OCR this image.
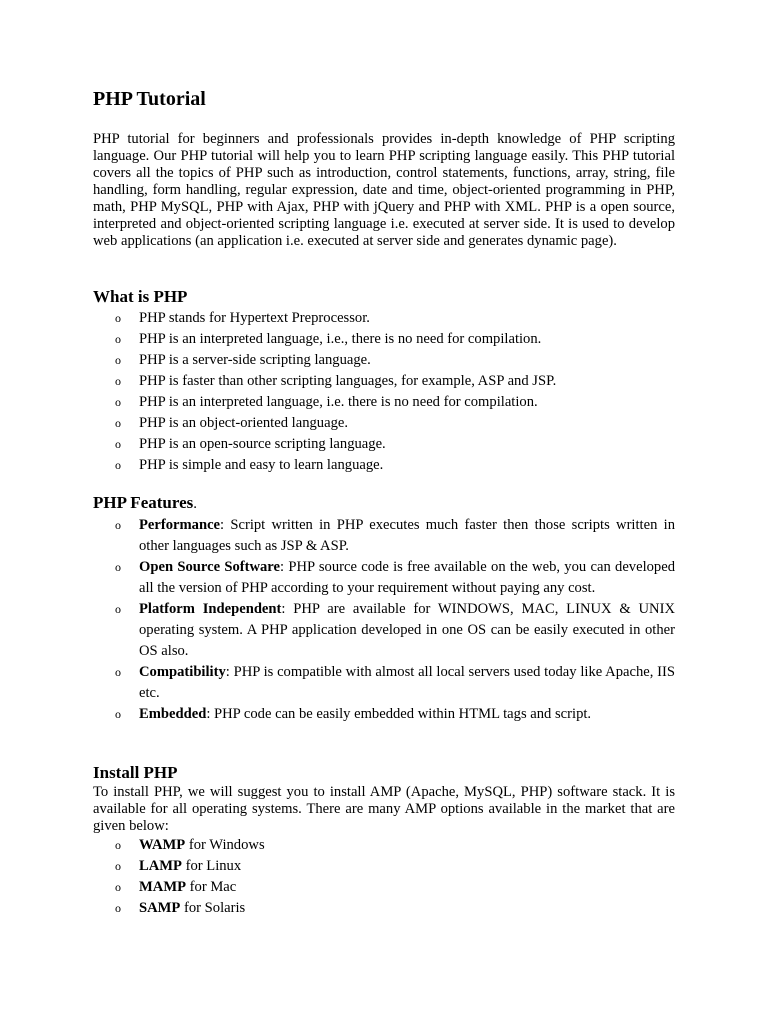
PHP Tutorial

PHP tutorial for beginners and professionals provides in-depth knowledge of PHP scripting language. Our PHP tutorial will help you to learn PHP scripting language easily. This PHP tutorial covers all the topics of PHP such as introduction, control statements, functions, array, string, file handling, form handling, regular expression, date and time, object-oriented programming in PHP, math, PHP MySQL, PHP with Ajax, PHP with jQuery and PHP with XML. PHP is a open source, interpreted and object-oriented scripting language i.e. executed at server side. It is used to develop web applications (an application i.e. executed at server side and generates dynamic page).

What is PHP
o PHP stands for Hypertext Preprocessor.
o PHP is an interpreted language, i.e., there is no need for compilation.
o PHP is a server-side scripting language.
o PHP is faster than other scripting languages, for example, ASP and JSP.
o PHP is an interpreted language, i.e. there is no need for compilation.
o PHP is an object-oriented language.
o PHP is an open-source scripting language.
o PHP is simple and easy to learn language.
PHP Features.
o Performance: Script written in PHP executes much faster then those scripts written in other languages such as JSP & ASP.
o Open Source Software: PHP source code is free available on the web, you can developed all the version of PHP according to your requirement without paying any cost.
o Platform Independent: PHP are available for WINDOWS, MAC, LINUX & UNIX operating system. A PHP application developed in one OS can be easily executed in other OS also.
o Compatibility: PHP is compatible with almost all local servers used today like Apache, IIS etc.
o Embedded: PHP code can be easily embedded within HTML tags and script.
Install PHP

To install PHP, we will suggest you to install AMP (Apache, MySQL, PHP) software stack. It is available for all operating systems. There are many AMP options available in the market that are given below:

o WAMP for Windows
o LAMP for Linux
o MAMP for Mac
o SAMP for Solaris
